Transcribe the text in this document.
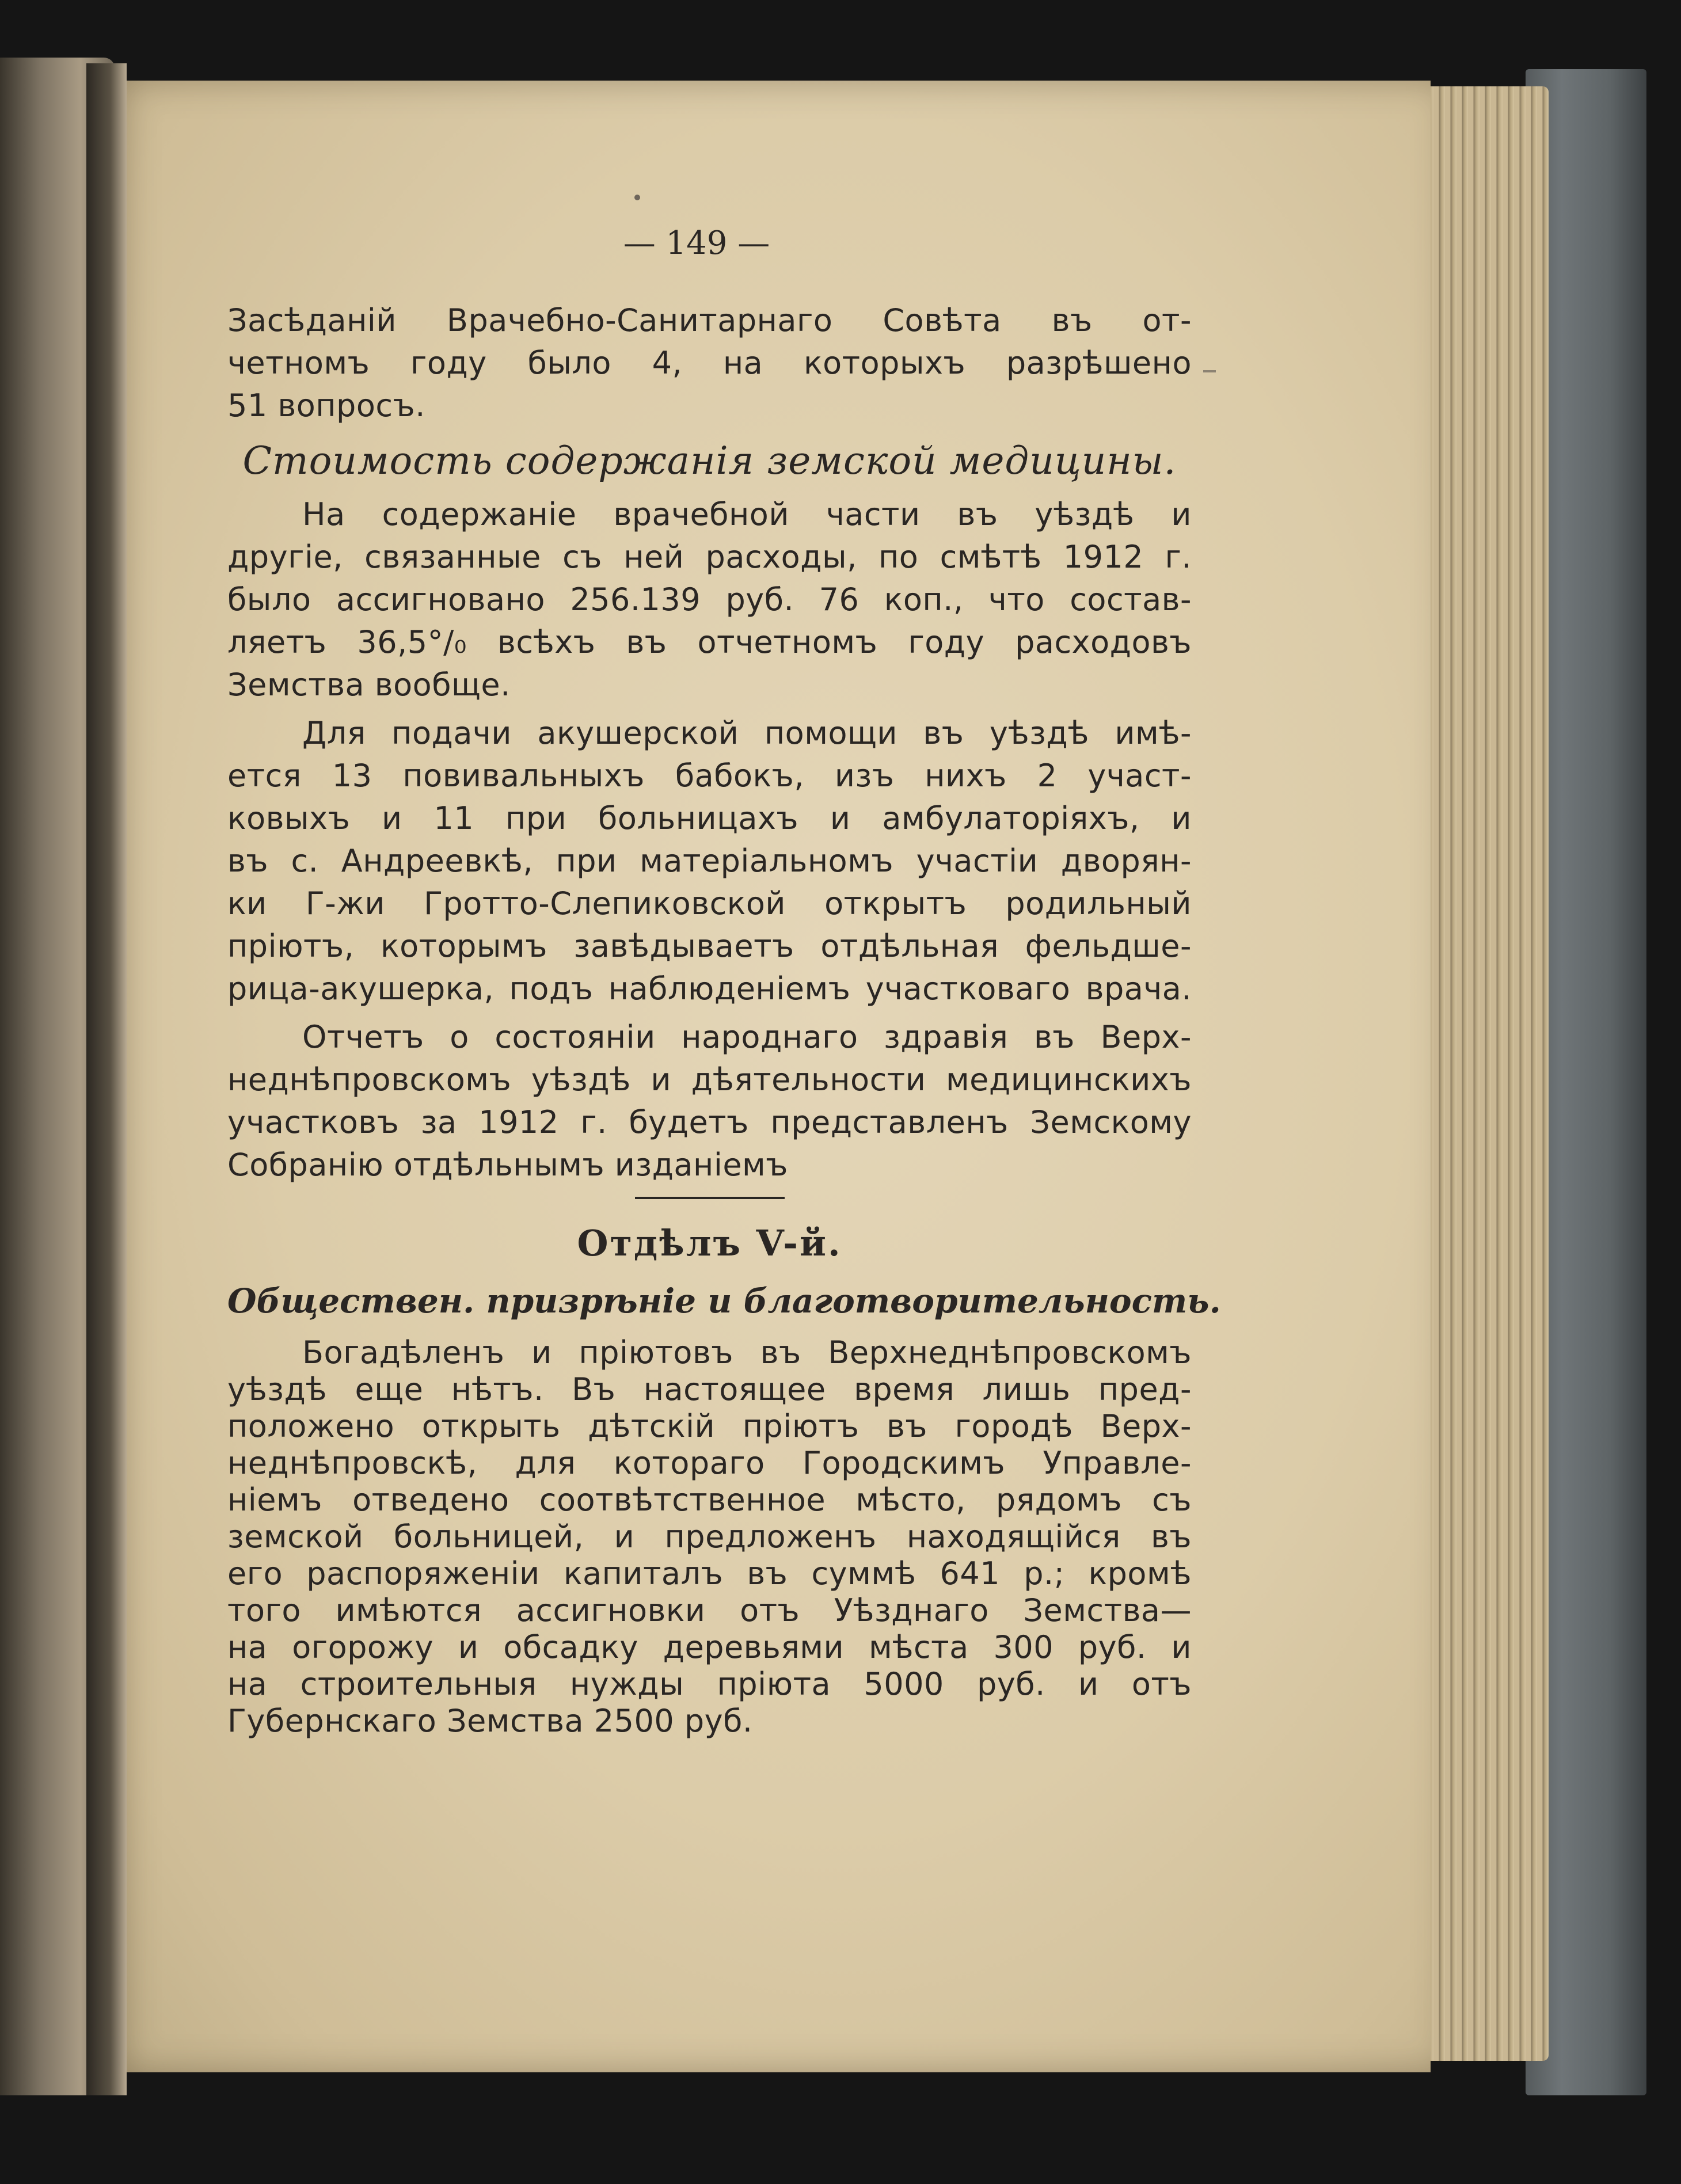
— 149 —
Засѣданій Врачебно-Санитарнаго Совѣта въ от-
четномъ году было 4, на которыхъ разрѣшено
51 вопросъ.
Стоимость содержанія земской медицины.
На содержаніе врачебной части въ уѣздѣ и
другіе, связанные съ ней расходы, по смѣтѣ 1912 г.
было ассигновано 256.139 руб. 76 коп., что состав-
ляетъ 36,5°/₀ всѣхъ въ отчетномъ году расходовъ
Земства вообще.
Для подачи акушерской помощи въ уѣздѣ имѣ-
ется 13 повивальныхъ бабокъ, изъ нихъ 2 участ-
ковыхъ и 11 при больницахъ и амбулаторіяхъ, и
въ с. Андреевкѣ, при матеріальномъ участіи дворян-
ки Г-жи Гротто-Слепиковской открытъ родильный
пріютъ, которымъ завѣдываетъ отдѣльная фельдше-
рица-акушерка, подъ наблюденіемъ участковаго врача.
Отчетъ о состояніи народнаго здравія въ Верх-
неднѣпровскомъ уѣздѣ и дѣятельности медицинскихъ
участковъ за 1912 г. будетъ представленъ Земскому
Собранію отдѣльнымъ изданіемъ
Отдѣлъ V-й.
Обществен. призрѣніе и благотворительность.
Богадѣленъ и пріютовъ въ Верхнеднѣпровскомъ
уѣздѣ еще нѣтъ. Въ настоящее время лишь пред-
положено открыть дѣтскій пріютъ въ городѣ Верх-
неднѣпровскѣ, для котораго Городскимъ Управле-
ніемъ отведено соотвѣтственное мѣсто, рядомъ съ
земской больницей, и предложенъ находящійся въ
его распоряженіи капиталъ въ суммѣ 641 р.; кромѣ
того имѣются ассигновки отъ Уѣзднаго Земства—
на огорожу и обсадку деревьями мѣста 300 руб. и
на строительныя нужды пріюта 5000 руб. и отъ
Губернскаго Земства 2500 руб.
